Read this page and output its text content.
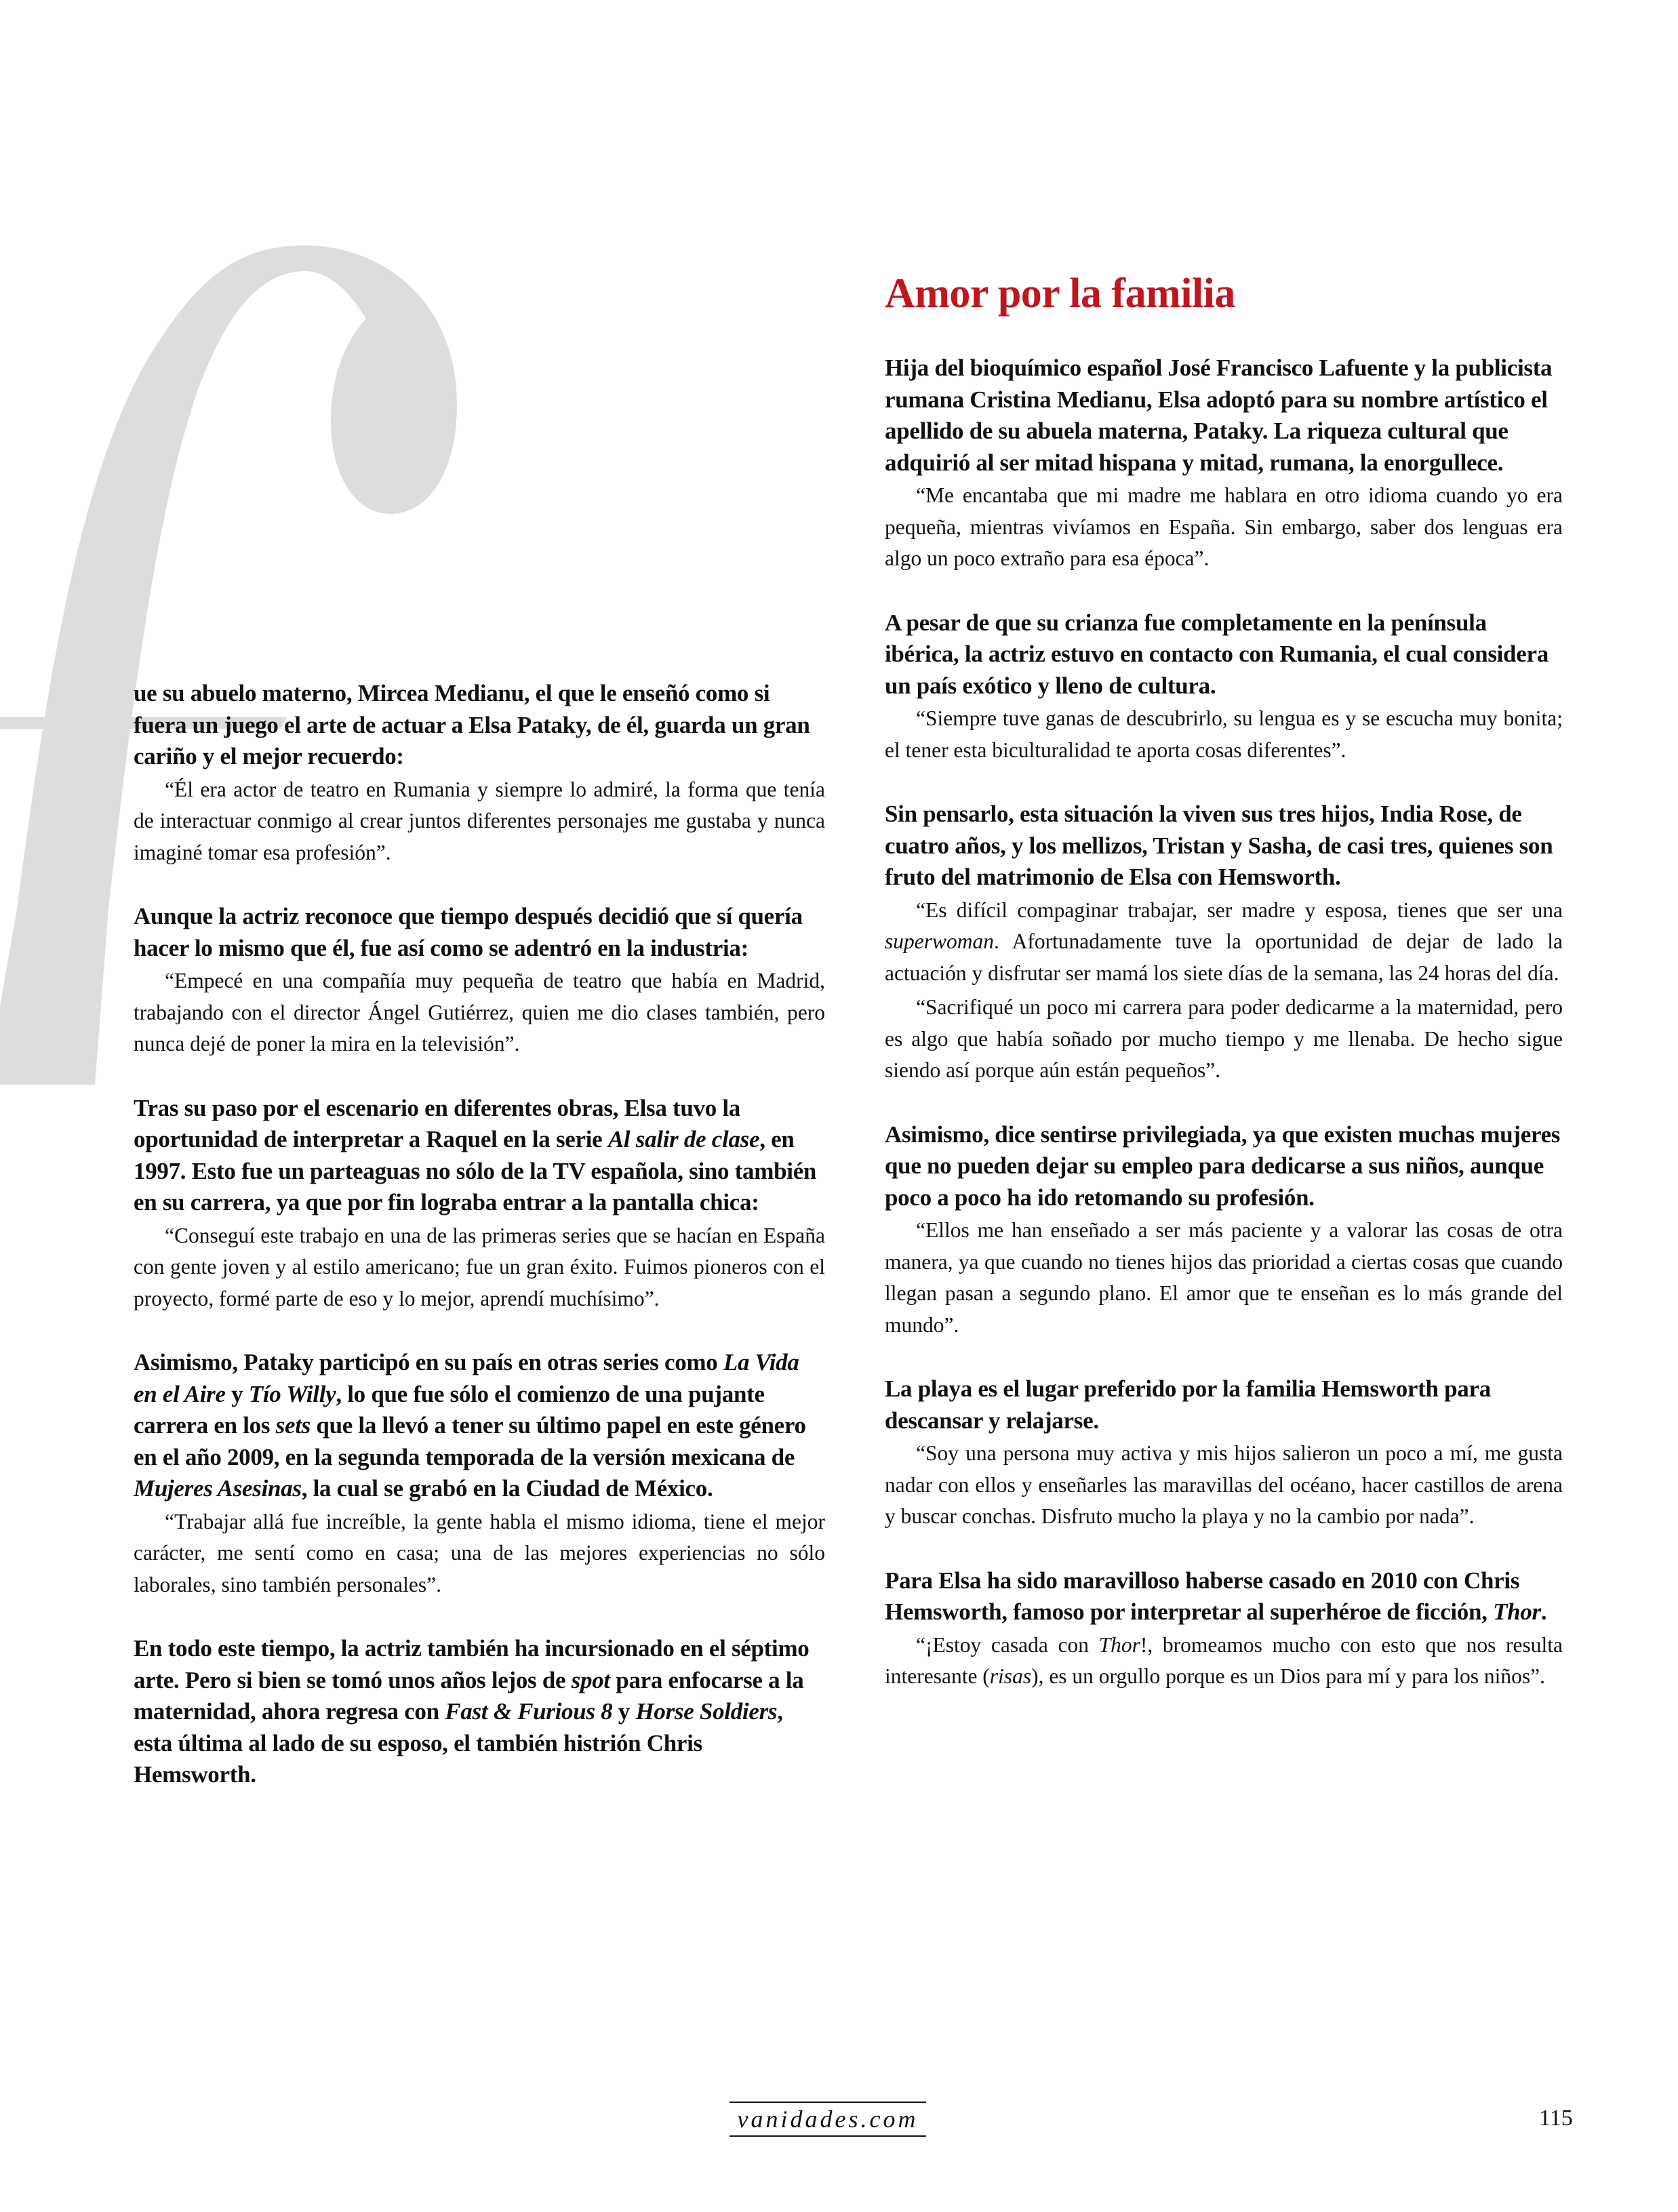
ue su abuelo materno, Mircea Medianu, el que le enseñó como si fuera un juego el arte de actuar a Elsa Pataky, de él, guarda un gran cariño y el mejor recuerdo:

“Él era actor de teatro en Rumania y siempre lo admiré, la forma que tenía de interactuar conmigo al crear juntos diferentes personajes me gustaba y nunca imaginé tomar esa profesión”.

Aunque la actriz reconoce que tiempo después decidió que sí quería hacer lo mismo que él, fue así como se adentró en la industria:

“Empecé en una compañía muy pequeña de teatro que había en Madrid, trabajando con el director Ángel Gutiérrez, quien me dio clases también, pero nunca dejé de poner la mira en la televisión”.

Tras su paso por el escenario en diferentes obras, Elsa tuvo la oportunidad de interpretar a Raquel en la serie Al salir de clase, en 1997. Esto fue un parteaguas no sólo de la TV española, sino también en su carrera, ya que por fin lograba entrar a la pantalla chica:

“Conseguí este trabajo en una de las primeras series que se hacían en España con gente joven y al estilo americano; fue un gran éxito. Fuimos pioneros con el proyecto, formé parte de eso y lo mejor, aprendí muchísimo”.

Asimismo, Pataky participó en su país en otras series como La Vida en el Aire y Tío Willy, lo que fue sólo el comienzo de una pujante carrera en los sets que la llevó a tener su último papel en este género en el año 2009, en la segunda temporada de la versión mexicana de Mujeres Asesinas, la cual se grabó en la Ciudad de México.

“Trabajar allá fue increíble, la gente habla el mismo idioma, tiene el mejor carácter, me sentí como en casa; una de las mejores experiencias no sólo laborales, sino también personales”.

En todo este tiempo, la actriz también ha incursionado en el séptimo arte. Pero si bien se tomó unos años lejos de spot para enfocarse a la maternidad, ahora regresa con Fast & Furious 8 y Horse Soldiers, esta última al lado de su esposo, el también histrión Chris Hemsworth.

Amor por la familia

Hija del bioquímico español José Francisco Lafuente y la publicista rumana Cristina Medianu, Elsa adoptó para su nombre artístico el apellido de su abuela materna, Pataky. La riqueza cultural que adquirió al ser mitad hispana y mitad, rumana, la enorgullece.

“Me encantaba que mi madre me hablara en otro idioma cuando yo era pequeña, mientras vivíamos en España. Sin embargo, saber dos lenguas era algo un poco extraño para esa época”.

A pesar de que su crianza fue completamente en la península ibérica, la actriz estuvo en contacto con Rumania, el cual considera un país exótico y lleno de cultura.

“Siempre tuve ganas de descubrirlo, su lengua es y se escucha muy bonita; el tener esta biculturalidad te aporta cosas diferentes”.

Sin pensarlo, esta situación la viven sus tres hijos, India Rose, de cuatro años, y los mellizos, Tristan y Sasha, de casi tres, quienes son fruto del matrimonio de Elsa con Hemsworth.

“Es difícil compaginar trabajar, ser madre y esposa, tienes que ser una superwoman. Afortunadamente tuve la oportunidad de dejar de lado la actuación y disfrutar ser mamá los siete días de la semana, las 24 horas del día.

“Sacrifiqué un poco mi carrera para poder dedicarme a la maternidad, pero es algo que había soñado por mucho tiempo y me llenaba. De hecho sigue siendo así porque aún están pequeños”.

Asimismo, dice sentirse privilegiada, ya que existen muchas mujeres que no pueden dejar su empleo para dedicarse a sus niños, aunque poco a poco ha ido retomando su profesión.

“Ellos me han enseñado a ser más paciente y a valorar las cosas de otra manera, ya que cuando no tienes hijos das prioridad a ciertas cosas que cuando llegan pasan a segundo plano. El amor que te enseñan es lo más grande del mundo”.

La playa es el lugar preferido por la familia Hemsworth para descansar y relajarse.

“Soy una persona muy activa y mis hijos salieron un poco a mí, me gusta nadar con ellos y enseñarles las maravillas del océano, hacer castillos de arena y buscar conchas. Disfruto mucho la playa y no la cambio por nada”.

Para Elsa ha sido maravilloso haberse casado en 2010 con Chris Hemsworth, famoso por interpretar al superhéroe de ficción, Thor.

“¡Estoy casada con Thor!, bromeamos mucho con esto que nos resulta interesante (risas), es un orgullo porque es un Dios para mí y para los niños”.

vanidades.com	115
